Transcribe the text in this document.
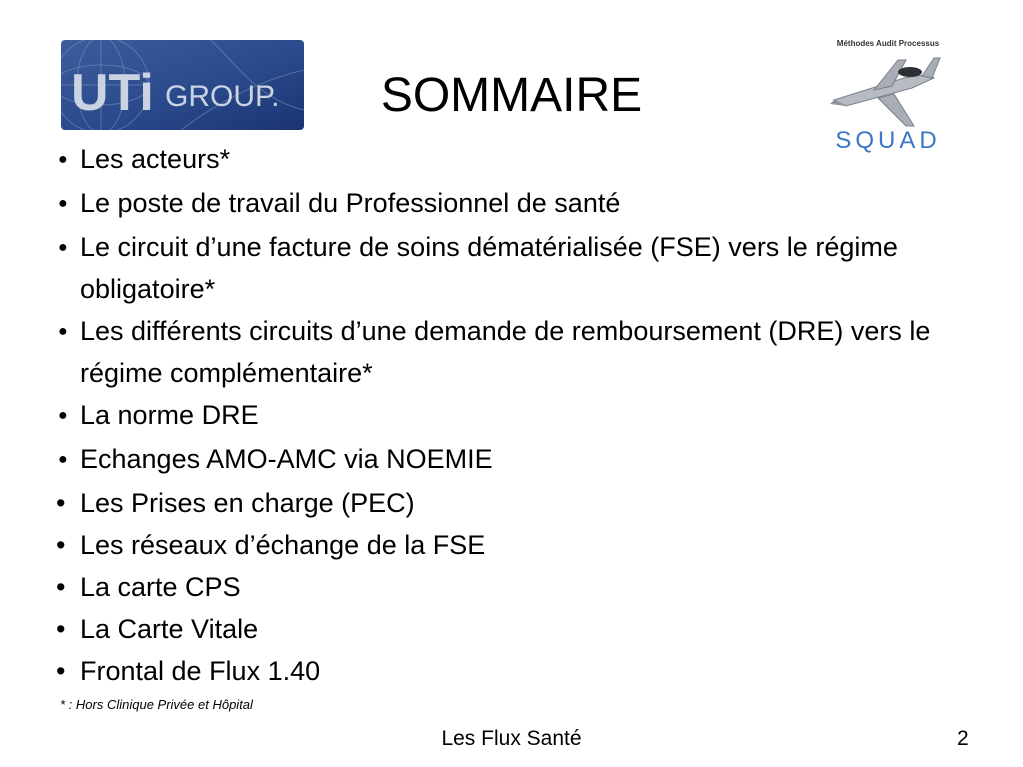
UTi GROUP.
Méthodes Audit Processus
SQUAD
SOMMAIRE
● Les acteurs*
● Le poste de travail du Professionnel de santé
● Le circuit d’une facture de soins dématérialisée (FSE) vers le régime obligatoire*
● Les différents circuits d’une demande de remboursement (DRE) vers le régime complémentaire*
● La norme DRE
● Echanges AMO-AMC via NOEMIE
• Les Prises en charge (PEC)
• Les réseaux d’échange de la FSE
• La carte CPS
• La Carte Vitale
• Frontal de Flux 1.40
* : Hors Clinique Privée et Hôpital
Les Flux Santé	2
